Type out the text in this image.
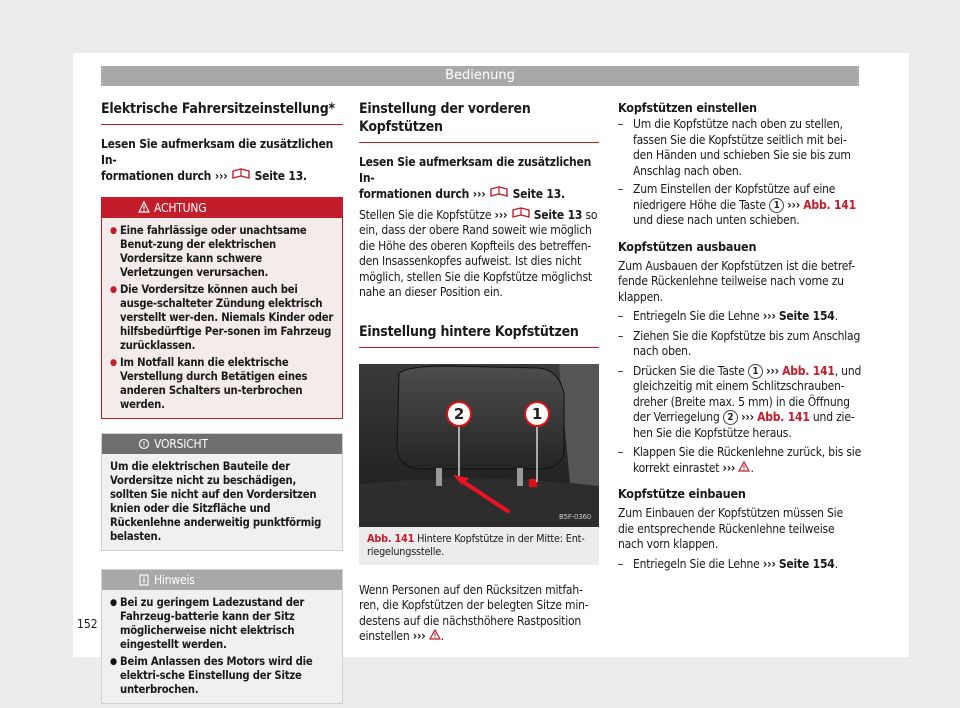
Bedienung
Elektrische Fahrersitzeinstellung*

Lesen Sie aufmerksam die zusätzlichen In-
formationen durch ››› Seite 13.

ACHTUNG
● Eine fahrlässige oder unachtsame Benut-zung der elektrischen Vordersitze kann schwere Verletzungen verursachen.
● Die Vordersitze können auch bei ausge-schalteter Zündung elektrisch verstellt wer-den. Niemals Kinder oder hilfsbedürftige Per-sonen im Fahrzeug zurücklassen.
● Im Notfall kann die elektrische Verstellung durch Betätigen eines anderen Schalters un-terbrochen werden.
VORSICHT
Um die elektrischen Bauteile der Vordersitze nicht zu beschädigen, sollten Sie nicht auf den Vordersitzen knien oder die Sitzfläche und Rückenlehne anderweitig punktförmig belasten.
Hinweis
● Bei zu geringem Ladezustand der Fahrzeug-batterie kann der Sitz möglicherweise nicht elektrisch eingestellt werden.
● Beim Anlassen des Motors wird die elektri-sche Einstellung der Sitze unterbrochen.
Einstellung der vorderen Kopfstützen

Lesen Sie aufmerksam die zusätzlichen In-
formationen durch ››› Seite 13.

Stellen Sie die Kopfstütze ››› Seite 13 so ein, dass der obere Rand soweit wie möglich die Höhe des oberen Kopfteils des betreffen-den Insassenkopfes aufweist. Ist dies nicht möglich, stellen Sie die Kopfstütze möglichst nahe an dieser Position ein.

Einstellung hintere Kopfstützen
2	1
B5F-0360
Abb. 141 Hintere Kopfstütze in der Mitte: Ent-riegelungsstelle.

Wenn Personen auf den Rücksitzen mitfah-ren, die Kopfstützen der belegten Sitze min-destens auf die nächsthöhere Rastposition einstellen ››› .

Kopfstützen einstellen
– Um die Kopfstütze nach oben zu stellen, fassen Sie die Kopfstütze seitlich mit bei-den Händen und schieben Sie sie bis zum Anschlag nach oben.
– Zum Einstellen der Kopfstütze auf eine niedrigere Höhe die Taste 1 ››› Abb. 141 und diese nach unten schieben.
Kopfstützen ausbauen

Zum Ausbauen der Kopfstützen ist die betref-fende Rückenlehne teilweise nach vorne zu klappen.

– Entriegeln Sie die Lehne ››› Seite 154.
– Ziehen Sie die Kopfstütze bis zum Anschlag nach oben.
– Drücken Sie die Taste 1 ››› Abb. 141, und gleichzeitig mit einem Schlitzschrauben-dreher (Breite max. 5 mm) in die Öffnung der Verriegelung 2 ››› Abb. 141 und zie-hen Sie die Kopfstütze heraus.
– Klappen Sie die Rückenlehne zurück, bis sie korrekt einrastet ››› .
Kopfstütze einbauen

Zum Einbauen der Kopfstützen müssen Sie die entsprechende Rückenlehne teilweise nach vorn klappen.

– Entriegeln Sie die Lehne ››› Seite 154.
152
